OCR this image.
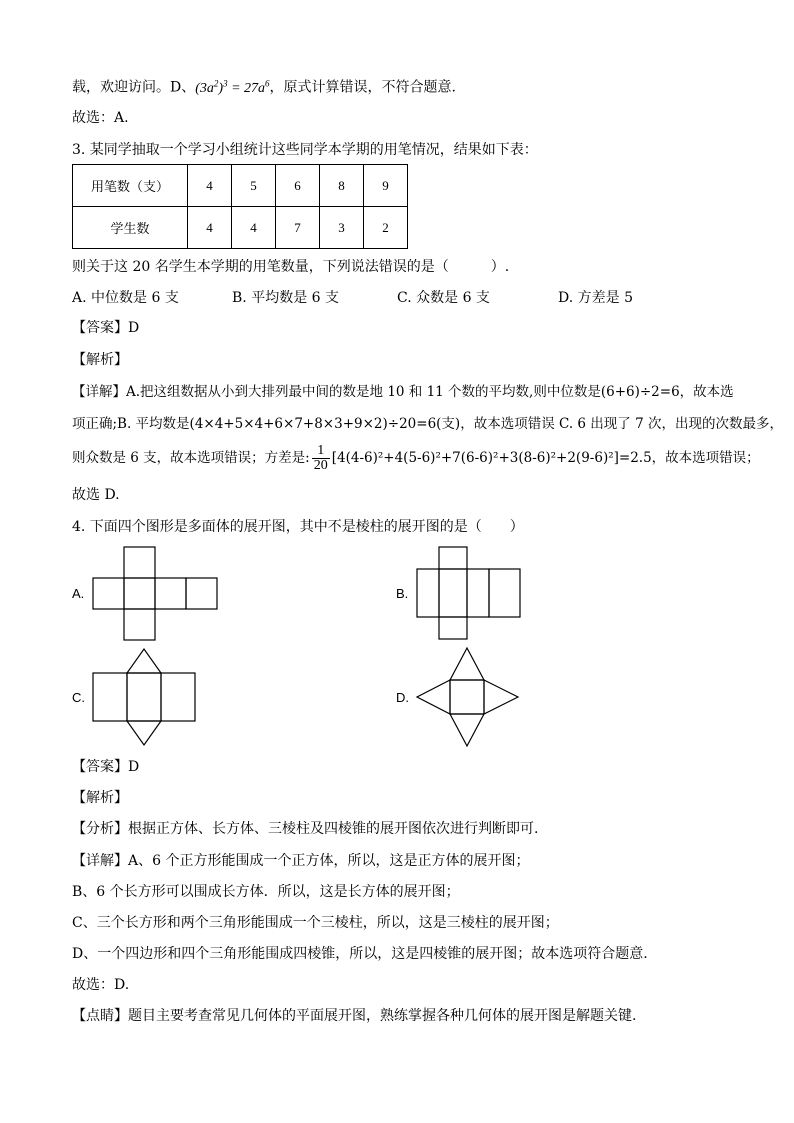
载，欢迎访问。D、$(3a^2)^3 = 27a^6$，原式计算错误，不符合题意.
故选：A.
3. 某同学抽取一个学习小组统计这些同学本学期的用笔情况，结果如下表：
用笔数（支）	4	5	6	8	9
学生数	4	4	7	3	2
则关于这 20 名学生本学期的用笔数量，下列说法错误的是（　　　）.
A. 中位数是 6 支	B. 平均数是 6 支	C. 众数是 6 支	D. 方差是 5
【答案】D
【解析】
【详解】A.把这组数据从小到大排列最中间的数是地 10 和 11 个数的平均数,则中位数是(6+6)÷2=6，故本选
项正确;B. 平均数是(4×4+5×4+6×7+8×3+9×2)÷20=6(支)，故本选项错误 C. 6 出现了 7 次，出现的次数最多，
则众数是 6 支，故本选项错误；方差是: $\frac{1}{20} [4(4-6)^2+4(5-6)^2+7(6-6)^2+3(8-6)^2+2(9-6)^2]=2.5$，故本选项错误；
故选 D.
4. 下面四个图形是多面体的展开图，其中不是棱柱的展开图的是（　　）
A.	B.
C.	D.
【答案】D
【解析】
【分析】根据正方体、长方体、三棱柱及四棱锥的展开图依次进行判断即可.
【详解】A、6 个正方形能围成一个正方体，所以，这是正方体的展开图；
B、6 个长方形可以围成长方体．所以，这是长方体的展开图；
C、三个长方形和两个三角形能围成一个三棱柱，所以，这是三棱柱的展开图；
D、一个四边形和四个三角形能围成四棱锥，所以，这是四棱锥的展开图；故本选项符合题意.
故选：D.
【点睛】题目主要考查常见几何体的平面展开图，熟练掌握各种几何体的展开图是解题关键.
